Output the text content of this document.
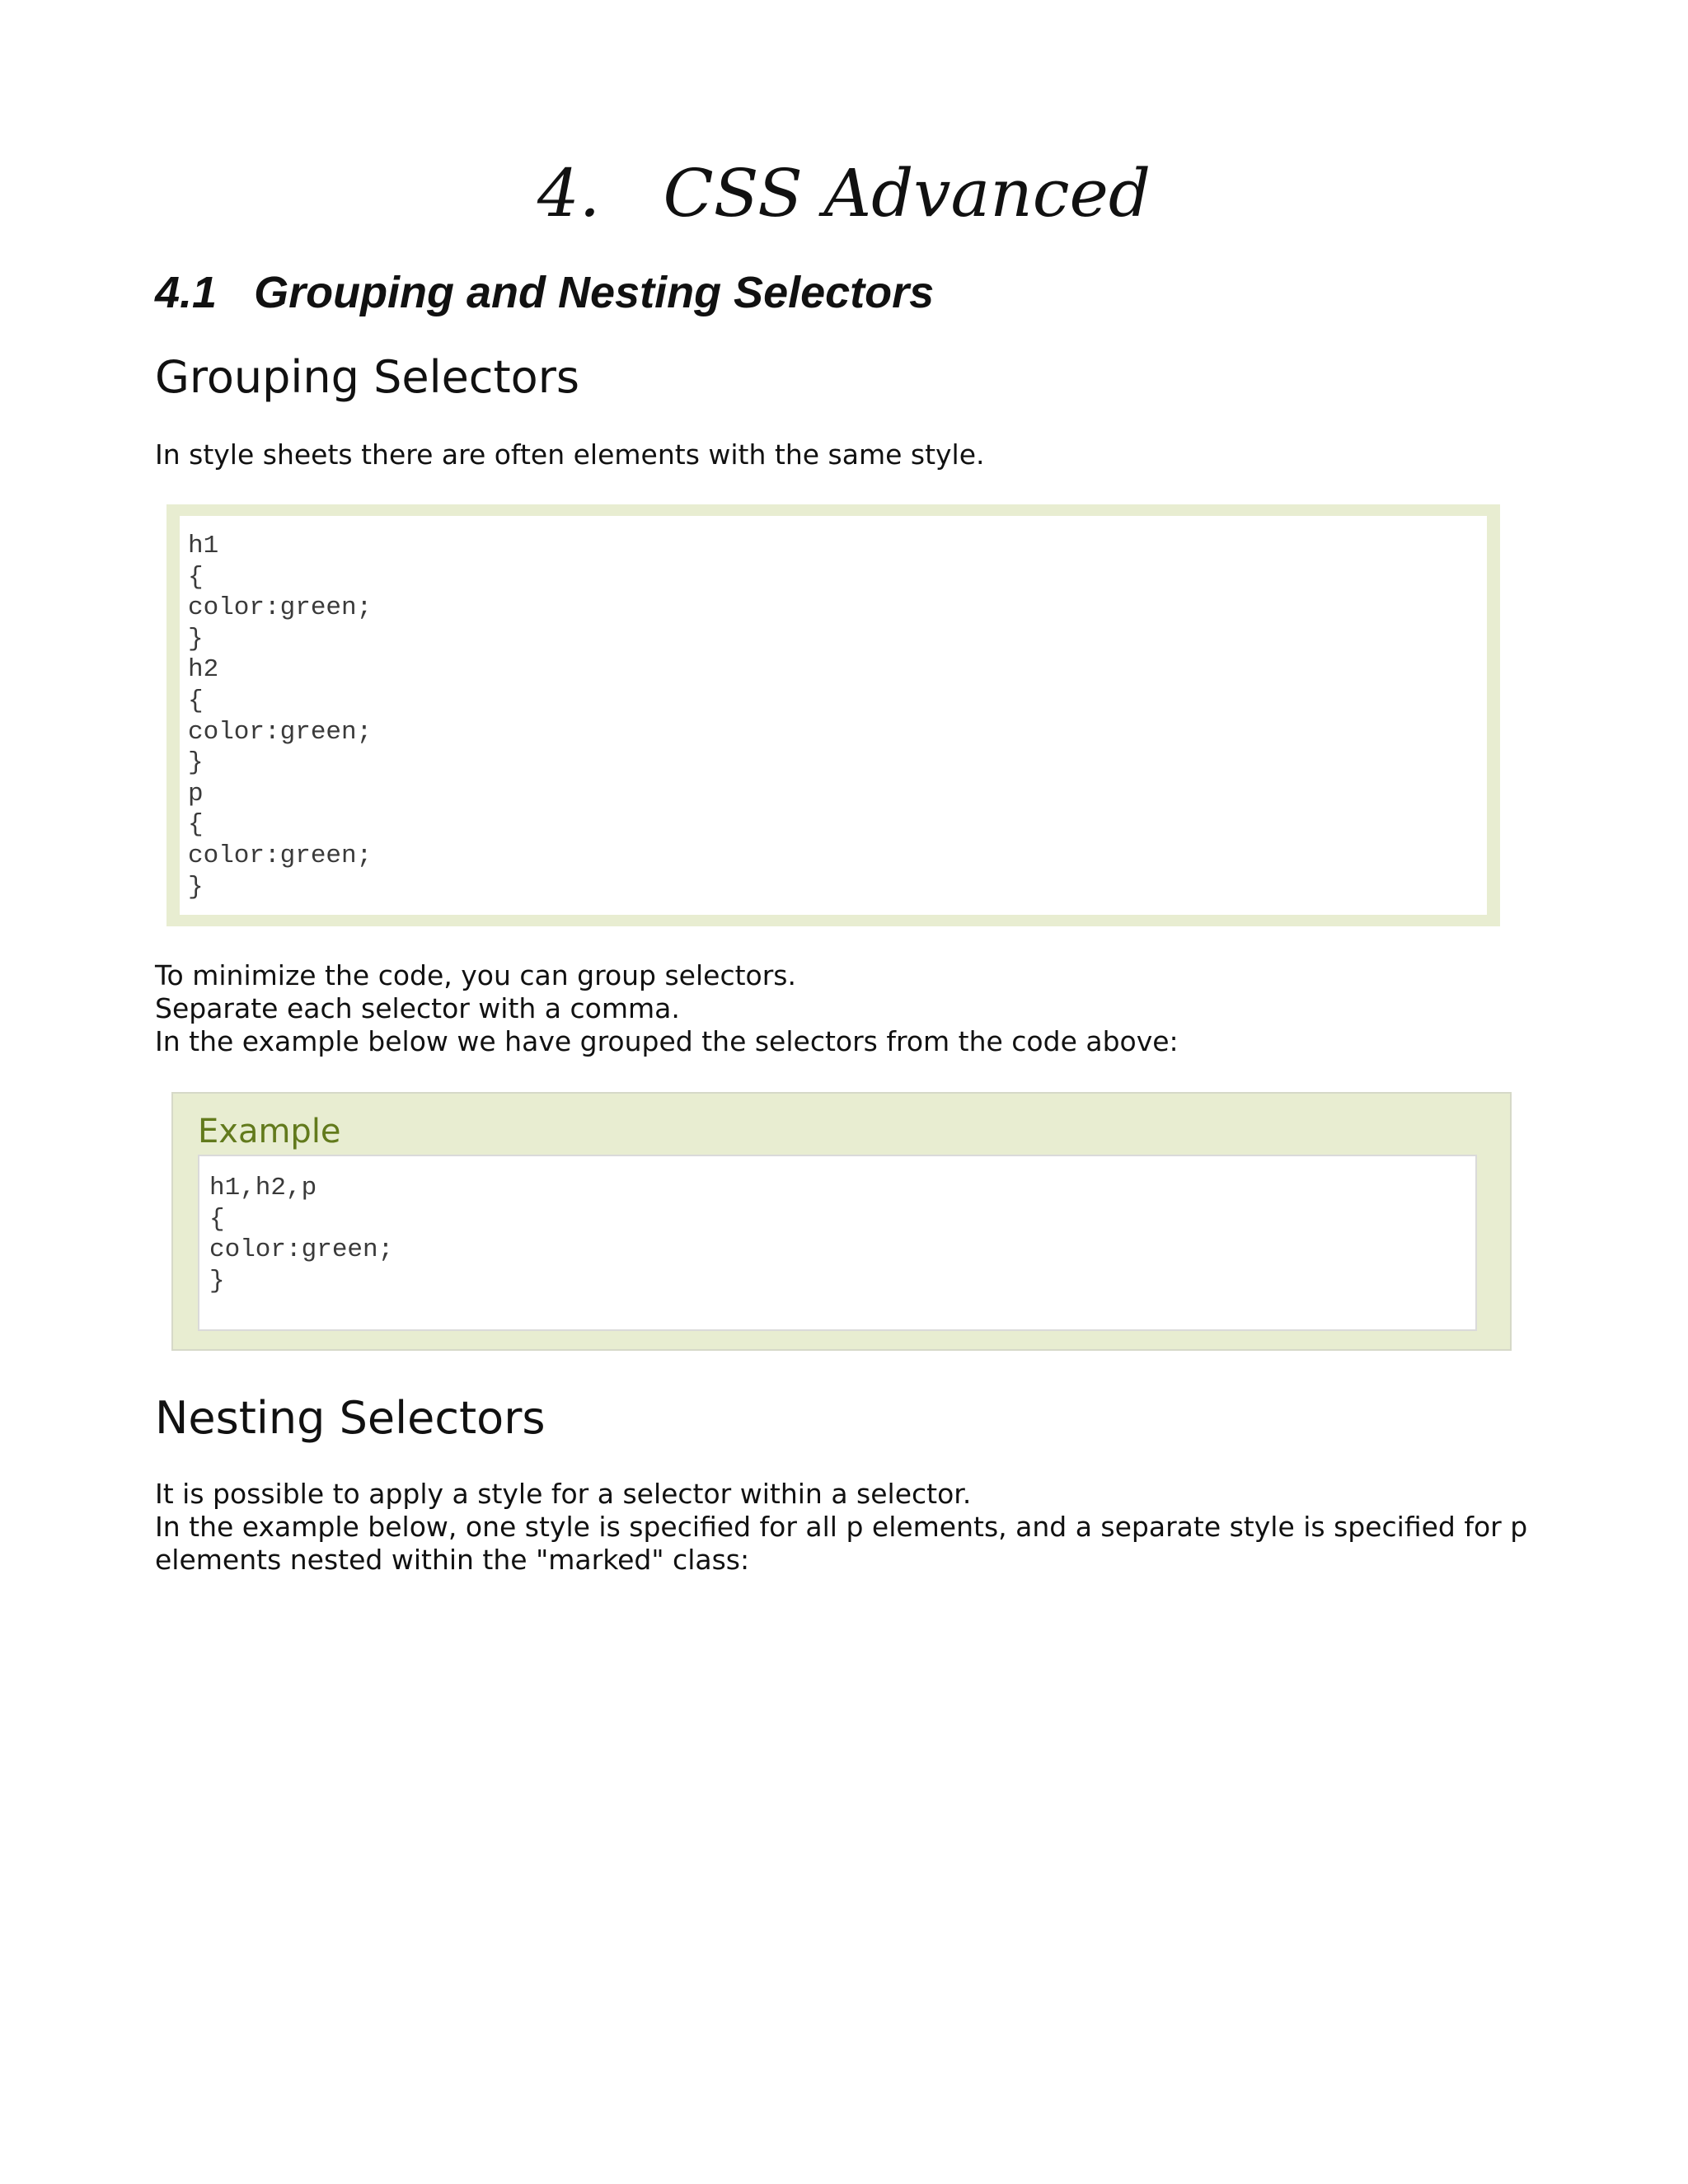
4.   CSS Advanced
4.1   Grouping and Nesting Selectors
Grouping Selectors
In style sheets there are often elements with the same style.
h1
{
color:green;
}
h2
{
color:green;
}
p
{
color:green;
}
To minimize the code, you can group selectors.
Separate each selector with a comma.
In the example below we have grouped the selectors from the code above:
Example
h1,h2,p
{
color:green;
}
Nesting Selectors
It is possible to apply a style for a selector within a selector.
In the example below, one style is specified for all p elements, and a separate style is specified for p elements nested within the "marked" class:
